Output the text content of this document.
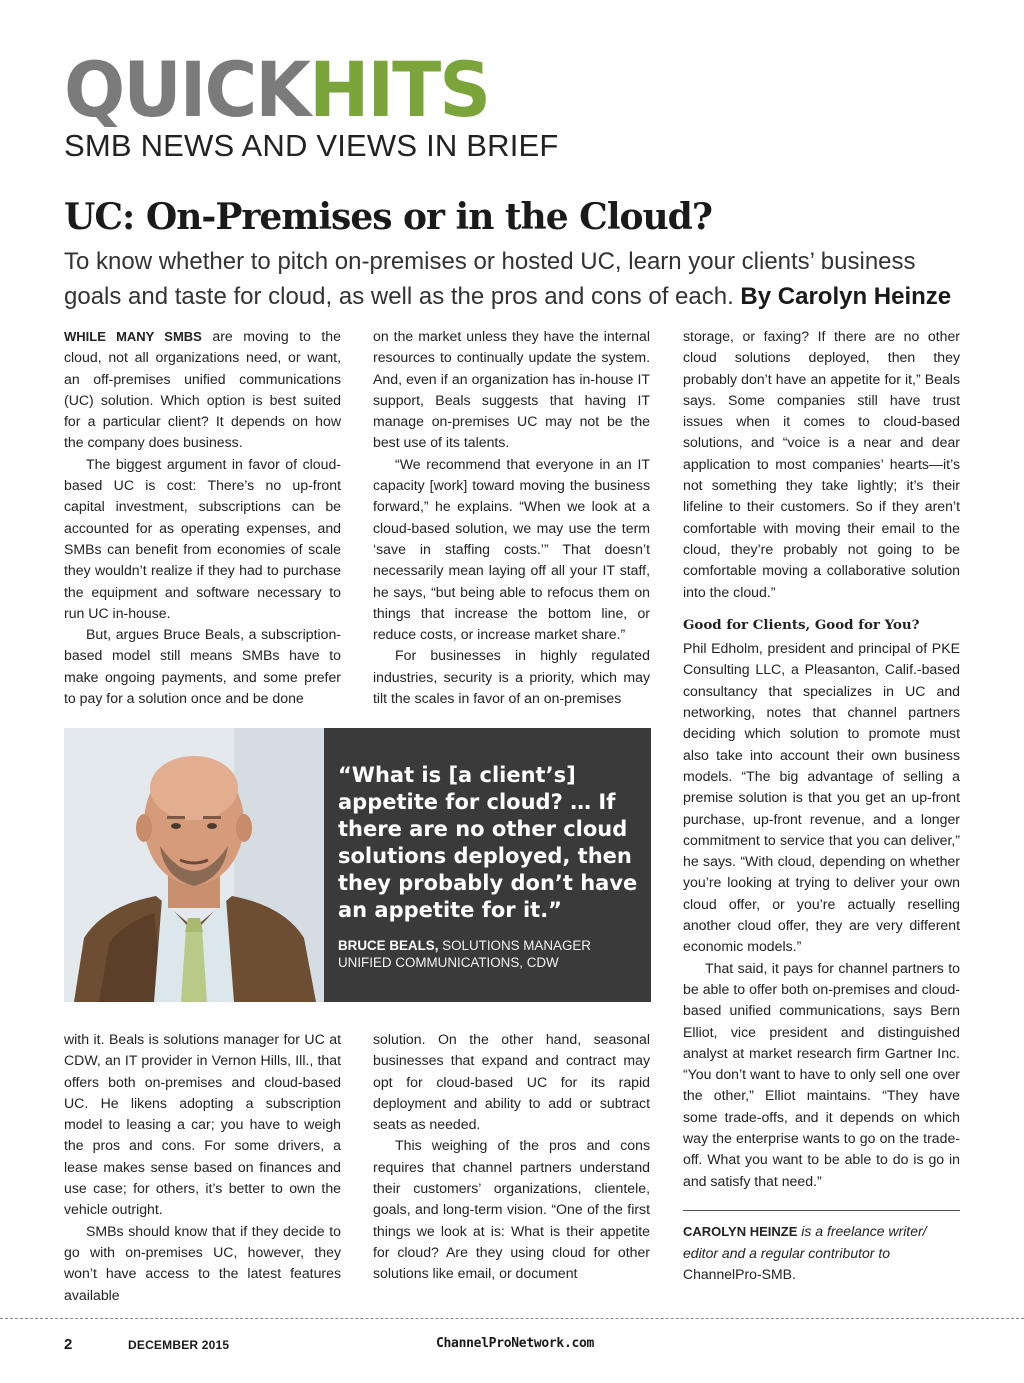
QUICKHITS
SMB NEWS AND VIEWS IN BRIEF
UC: On-Premises or in the Cloud?
To know whether to pitch on-premises or hosted UC, learn your clients’ business goals and taste for cloud, as well as the pros and cons of each. By Carolyn Heinze

WHILE MANY SMBS are moving to the cloud, not all organizations need, or want, an off-premises unified communications (UC) solution. Which option is best suited for a particular client? It depends on how the company does business.

The biggest argument in favor of cloud-based UC is cost: There’s no up-front capital investment, subscriptions can be accounted for as operating expenses, and SMBs can benefit from economies of scale they wouldn’t realize if they had to purchase the equipment and software necessary to run UC in-house.

But, argues Bruce Beals, a subscription-based model still means SMBs have to make ongoing payments, and some prefer to pay for a solution once and be done

on the market unless they have the internal resources to continually update the system. And, even if an organization has in-house IT support, Beals suggests that having IT manage on-premises UC may not be the best use of its talents.

“We recommend that everyone in an IT capacity [work] toward moving the business forward,” he explains. “When we look at a cloud-based solution, we may use the term ‘save in staffing costs.’” That doesn’t necessarily mean laying off all your IT staff, he says, “but being able to refocus them on things that increase the bottom line, or reduce costs, or increase market share.”

For businesses in highly regulated industries, security is a priority, which may tilt the scales in favor of an on-premises

“What is [a client’s] appetite for cloud? … If there are no other cloud solutions deployed, then they probably don’t have an appetite for it.”
BRUCE BEALS, SOLUTIONS MANAGER
UNIFIED COMMUNICATIONS, CDW

with it. Beals is solutions manager for UC at CDW, an IT provider in Vernon Hills, Ill., that offers both on-premises and cloud-based UC. He likens adopting a subscription model to leasing a car; you have to weigh the pros and cons. For some drivers, a lease makes sense based on finances and use case; for others, it’s better to own the vehicle outright.

SMBs should know that if they decide to go with on-premises UC, however, they won’t have access to the latest features available

solution. On the other hand, seasonal businesses that expand and contract may opt for cloud-based UC for its rapid deployment and ability to add or subtract seats as needed.

This weighing of the pros and cons requires that channel partners understand their customers’ organizations, clientele, goals, and long-term vision. “One of the first things we look at is: What is their appetite for cloud? Are they using cloud for other solutions like email, or document

storage, or faxing? If there are no other cloud solutions deployed, then they probably don’t have an appetite for it,” Beals says. Some companies still have trust issues when it comes to cloud-based solutions, and “voice is a near and dear application to most companies’ hearts—it’s not something they take lightly; it’s their lifeline to their customers. So if they aren’t comfortable with moving their email to the cloud, they’re probably not going to be comfortable moving a collaborative solution into the cloud.”

Good for Clients, Good for You?

Phil Edholm, president and principal of PKE Consulting LLC, a Pleasanton, Calif.-based consultancy that specializes in UC and networking, notes that channel partners deciding which solution to promote must also take into account their own business models. “The big advantage of selling a premise solution is that you get an up-front purchase, up-front revenue, and a longer commitment to service that you can deliver,” he says. “With cloud, depending on whether you’re looking at trying to deliver your own cloud offer, or you’re actually reselling another cloud offer, they are very different economic models.”

That said, it pays for channel partners to be able to offer both on-premises and cloud-based unified communications, says Bern Elliot, vice president and distinguished analyst at market research firm Gartner Inc. “You don’t want to have to only sell one over the other,” Elliot maintains. “They have some trade-offs, and it depends on which way the enterprise wants to go on the trade-off. What you want to be able to do is go in and satisfy that need.”

CAROLYN HEINZE is a freelance writer/ editor and a regular contributor to
ChannelPro-SMB.
2	DECEMBER 2015	ChannelProNetwork.com
